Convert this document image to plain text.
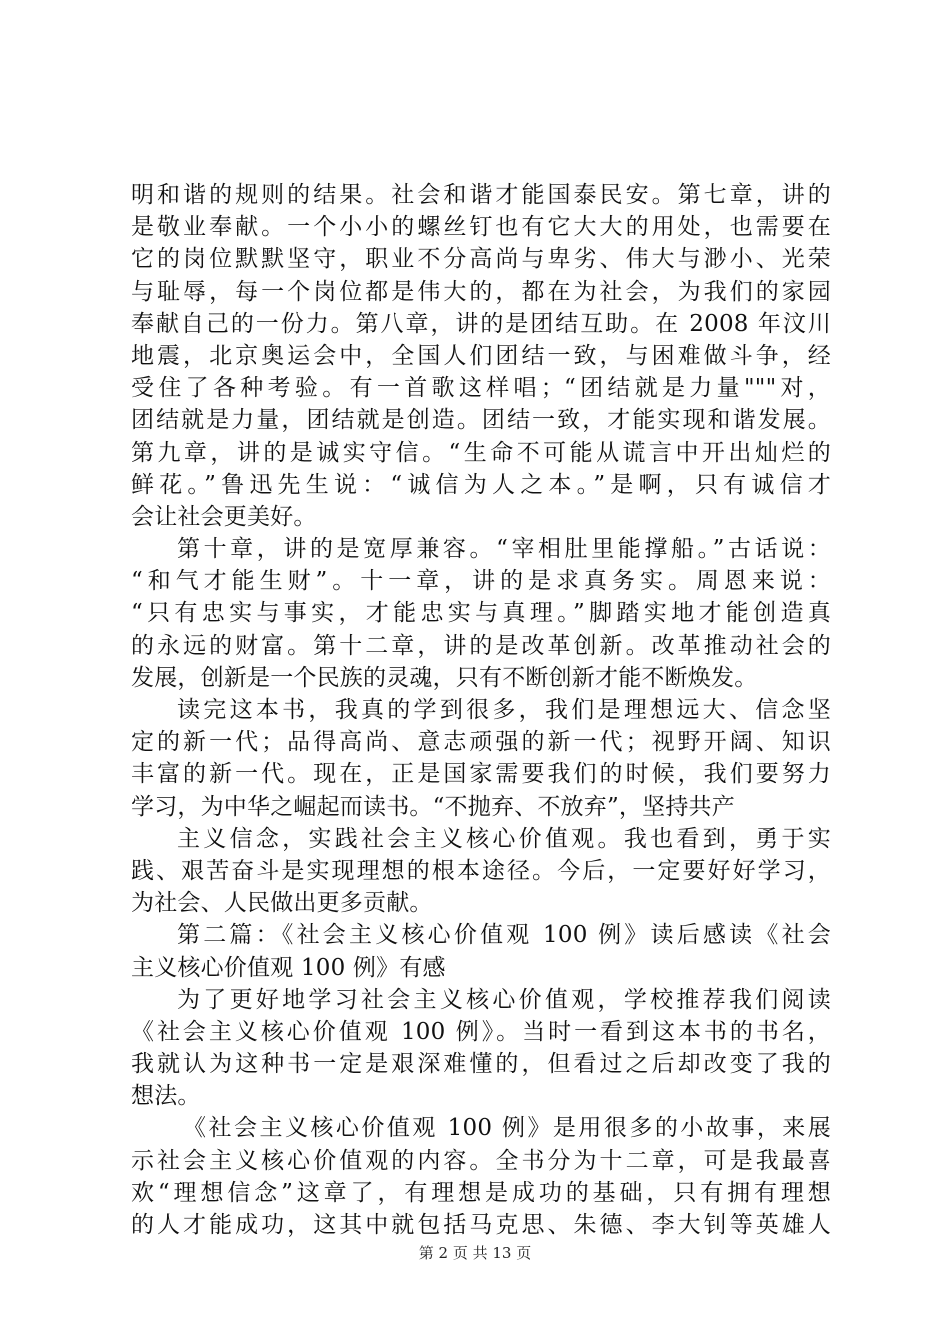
明和谐的规则的结果。社会和谐才能国泰民安。第七章，讲的
是敬业奉献。一个小小的螺丝钉也有它大大的用处，也需要在
它的岗位默默坚守，职业不分高尚与卑劣、伟大与渺小、光荣
与耻辱，每一个岗位都是伟大的，都在为社会，为我们的家园
奉献自己的一份力。第八章，讲的是团结互助。在 2008 年汶川
地震，北京奥运会中，全国人们团结一致，与困难做斗争，经
受住了各种考验。有一首歌这样唱；“团结就是力量"""对，
团结就是力量，团结就是创造。团结一致，才能实现和谐发展。
第九章，讲的是诚实守信。“生命不可能从谎言中开出灿烂的
鲜花。”鲁迅先生说：“诚信为人之本。”是啊，只有诚信才
会让社会更美好。
第十章，讲的是宽厚兼容。“宰相肚里能撑船。”古话说：
“和气才能生财”。十一章，讲的是求真务实。周恩来说：
“只有忠实与事实，才能忠实与真理。”脚踏实地才能创造真
的永远的财富。第十二章，讲的是改革创新。改革推动社会的
发展，创新是一个民族的灵魂，只有不断创新才能不断焕发。
读完这本书，我真的学到很多，我们是理想远大、信念坚
定的新一代；品得高尚、意志顽强的新一代；视野开阔、知识
丰富的新一代。现在，正是国家需要我们的时候，我们要努力
学习，为中华之崛起而读书。“不抛弃、不放弃”，坚持共产
主义信念，实践社会主义核心价值观。我也看到，勇于实
践、艰苦奋斗是实现理想的根本途径。今后，一定要好好学习，
为社会、人民做出更多贡献。
第二篇：《社会主义核心价值观 100 例》读后感读《社会
主义核心价值观 100 例》有感
为了更好地学习社会主义核心价值观，学校推荐我们阅读
《社会主义核心价值观 100 例》。当时一看到这本书的书名，
我就认为这种书一定是艰深难懂的，但看过之后却改变了我的
想法。
《社会主义核心价值观 100 例》是用很多的小故事，来展
示社会主义核心价值观的内容。全书分为十二章，可是我最喜
欢“理想信念”这章了，有理想是成功的基础，只有拥有理想
的人才能成功，这其中就包括马克思、朱德、李大钊等英雄人
第 2 页 共 13 页
